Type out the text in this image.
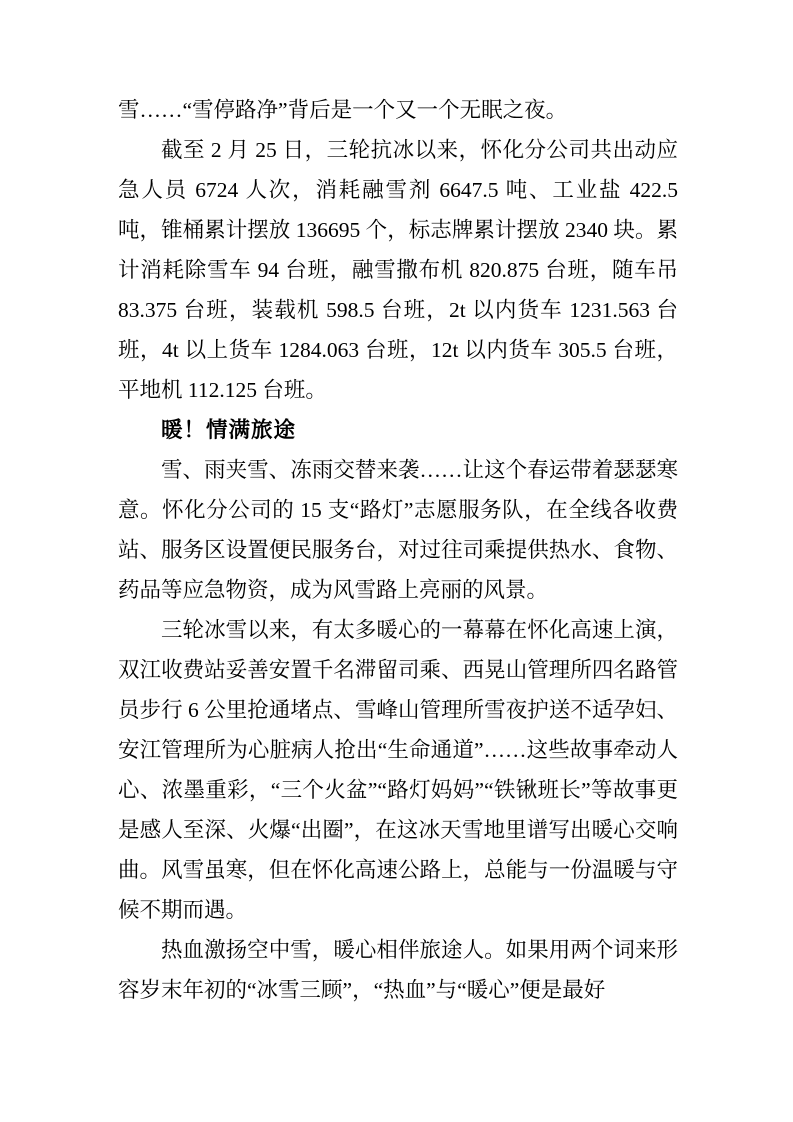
雪……“雪停路净”背后是一个又一个无眠之夜。

截至 2 月 25 日，三轮抗冰以来，怀化分公司共出动应急人员 6724 人次，消耗融雪剂 6647.5 吨、工业盐 422.5 吨，锥桶累计摆放 136695 个，标志牌累计摆放 2340 块。累计消耗除雪车 94 台班，融雪撒布机 820.875 台班，随车吊 83.375 台班，装载机 598.5 台班，2t 以内货车 1231.563 台班，4t 以上货车 1284.063 台班，12t 以内货车 305.5 台班，平地机 112.125 台班。

暖！情满旅途

雪、雨夹雪、冻雨交替来袭……让这个春运带着瑟瑟寒意。怀化分公司的 15 支“路灯”志愿服务队，在全线各收费站、服务区设置便民服务台，对过往司乘提供热水、食物、药品等应急物资，成为风雪路上亮丽的风景。

三轮冰雪以来，有太多暖心的一幕幕在怀化高速上演，双江收费站妥善安置千名滞留司乘、西晃山管理所四名路管员步行 6 公里抢通堵点、雪峰山管理所雪夜护送不适孕妇、安江管理所为心脏病人抢出“生命通道”……这些故事牵动人心、浓墨重彩，“三个火盆”“路灯妈妈”“铁锹班长”等故事更是感人至深、火爆“出圈”，在这冰天雪地里谱写出暖心交响曲。风雪虽寒，但在怀化高速公路上，总能与一份温暖与守候不期而遇。

热血激扬空中雪，暖心相伴旅途人。如果用两个词来形容岁末年初的“冰雪三顾”，“热血”与“暖心”便是最好
